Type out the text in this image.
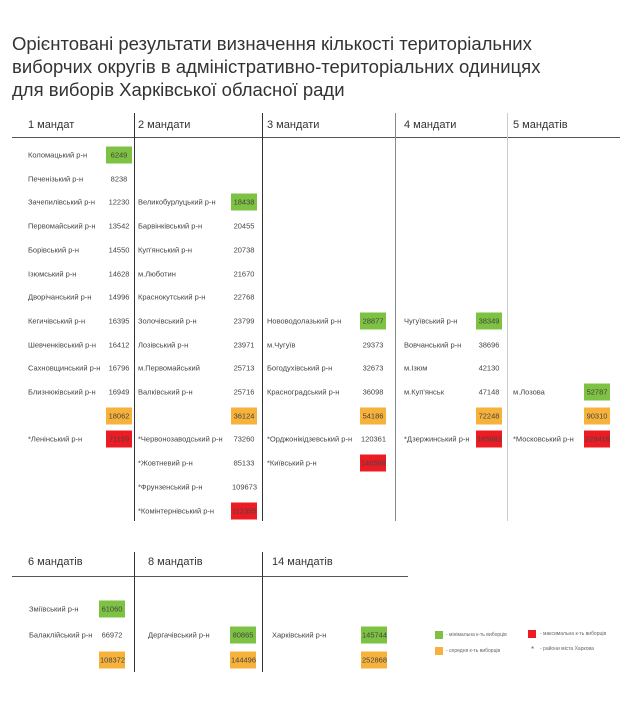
Орієнтовані результати визначення кількості територіальних
виборчих округів в адміністративно-територіальних одиницях
для виборів Харківської обласної ради
1 мандат
Коломацький р-н	6249
Печенізький р-н	8238
Зачепилівський р-н	12230
Первомайський р-н	13542
Борівський р-н	14550
Ізюмський р-н	14628
Дворічанський р-н	14996
Кегичівський р-н	16395
Шевченківський р-н	16412
Сахновщинський р-н	16796
Близнюківський р-н	16949
18062
*Ленінський р-н	71159
2 мандати
Великобурлуцький р-н	18438
Барвінківський р-н	20455
Куп'янський р-н	20738
м.Люботин	21670
Краснокутський р-н	22768
Золочівський р-н	23799
Лозівський р-н	23971
м.Первомайський	25713
Валківський р-н	25716
36124
*Червонозаводський р-н	73260
*Жовтневий р-н	85133
*Фрунзенський р-н	109673
*Комінтернівський р-н 112355
3 мандати
Нововодолазький р-н	28877
м.Чугуїв	29373
Богодухівський р-н	32673
Красноградський р-н	36098
54186
*Орджонікідзевський р-н 120361
*Київський р-н	146568
4 мандати
Чугуївський р-н	38349
Вовчанський р-н	38696
м.Ізюм	42130
м.Куп'янськ	47148
72248
*Дзержинський р-н 165682
5 мандатів
м.Лозова	52787
90310
*Московський р-н 228418
6 мандатів
Зміївський р-н	61060
Балаклійський р-н	66972
108372
8 мандатів
Дергачівський р-н	80865
144496
14 мандатів
Харківський р-н	145744
252868
- мінімальна к-ть виборців	- максимальна к-ть виборців
- середня к-ть виборців	* - райони міста Харкова
